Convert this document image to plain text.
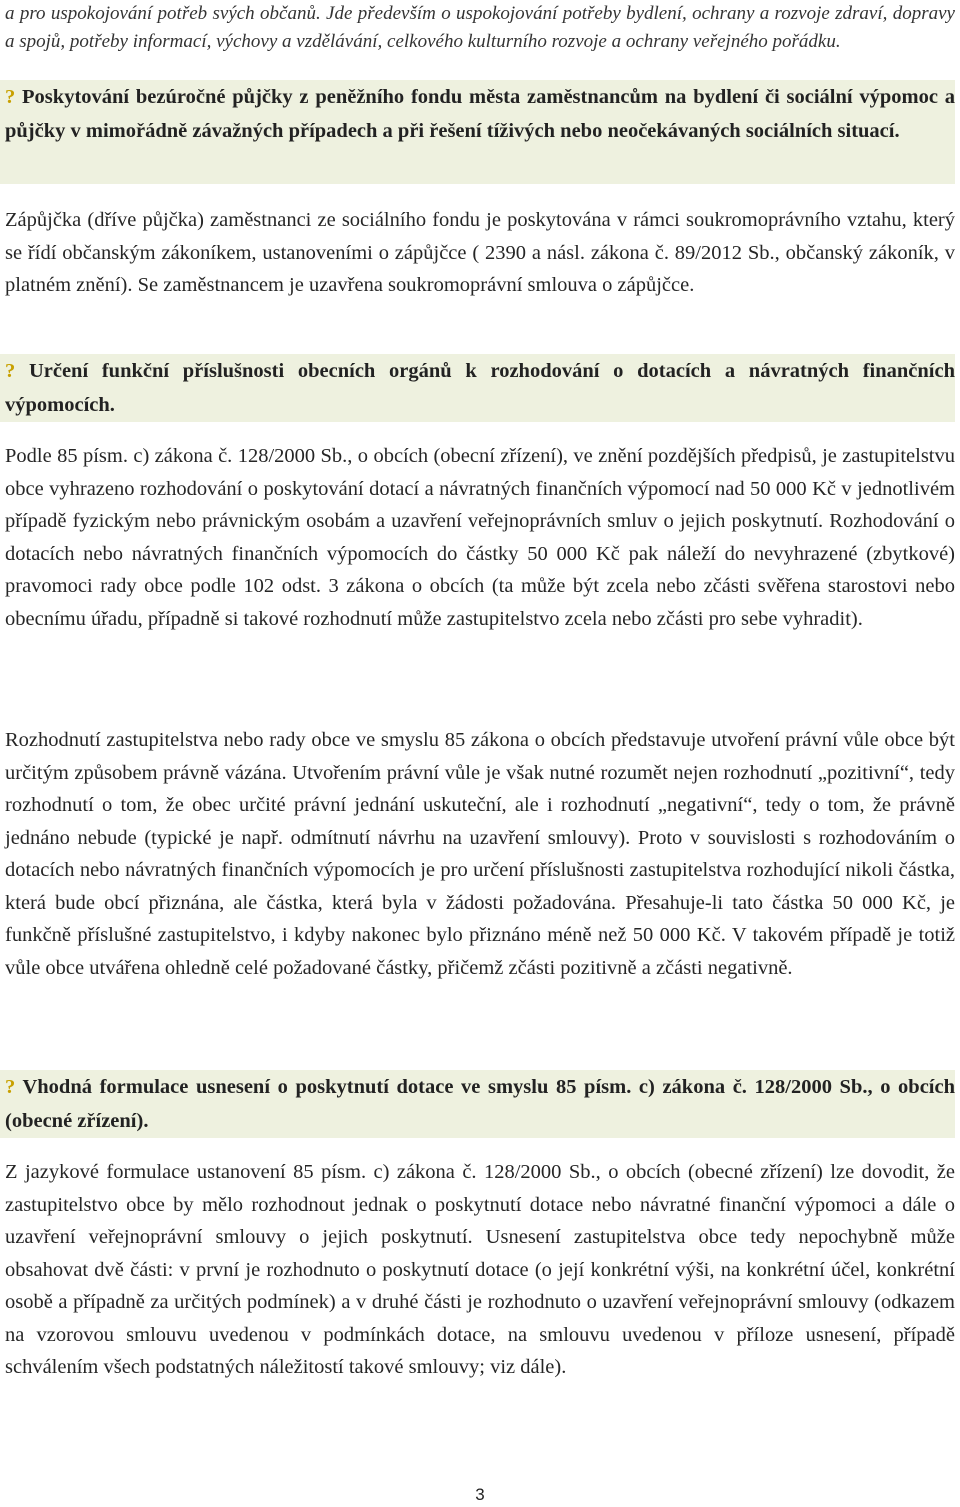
a pro uspokojování potřeb svých občanů. Jde především o uspokojování potřeby bydlení, ochrany a rozvoje zdraví, dopravy a spojů, potřeby informací, výchovy a vzdělávání, celkového kulturního rozvoje a ochrany veřejného pořádku.

? Poskytování bezúročné půjčky z peněžního fondu města zaměstnancům na bydlení či sociální výpomoc a půjčky v mimořádně závažných případech a při řešení tíživých nebo neočekávaných sociálních situací.

Zápůjčka (dříve půjčka) zaměstnanci ze sociálního fondu je poskytována v rámci soukromoprávního vztahu, který se řídí občanským zákoníkem, ustanoveními o zápůjčce ( 2390 a násl. zákona č. 89/2012 Sb., občanský zákoník, v platném znění). Se zaměstnancem je uzavřena soukromoprávní smlouva o zápůjčce.

? Určení funkční příslušnosti obecních orgánů k rozhodování o dotacích a návratných finančních výpomocích.

Podle 85 písm. c) zákona č. 128/2000 Sb., o obcích (obecní zřízení), ve znění pozdějších předpisů, je zastupitelstvu obce vyhrazeno rozhodování o poskytování dotací a návratných finančních výpomocí nad 50 000 Kč v jednotlivém případě fyzickým nebo právnickým osobám a uzavření veřejnoprávních smluv o jejich poskytnutí. Rozhodování o dotacích nebo návratných finančních výpomocích do částky 50 000 Kč pak náleží do nevyhrazené (zbytkové) pravomoci rady obce podle 102 odst. 3 zákona o obcích (ta může být zcela nebo zčásti svěřena starostovi nebo obecnímu úřadu, případně si takové rozhodnutí může zastupitelstvo zcela nebo zčásti pro sebe vyhradit).

Rozhodnutí zastupitelstva nebo rady obce ve smyslu 85 zákona o obcích představuje utvoření právní vůle obce být určitým způsobem právně vázána. Utvořením právní vůle je však nutné rozumět nejen rozhodnutí „pozitivní“, tedy rozhodnutí o tom, že obec určité právní jednání uskuteční, ale i rozhodnutí „negativní“, tedy o tom, že právně jednáno nebude (typické je např. odmítnutí návrhu na uzavření smlouvy). Proto v souvislosti s rozhodováním o dotacích nebo návratných finančních výpomocích je pro určení příslušnosti zastupitelstva rozhodující nikoli částka, která bude obcí přiznána, ale částka, která byla v žádosti požadována. Přesahuje-li tato částka 50 000 Kč, je funkčně příslušné zastupitelstvo, i kdyby nakonec bylo přiznáno méně než 50 000 Kč. V takovém případě je totiž vůle obce utvářena ohledně celé požadované částky, přičemž zčásti pozitivně a zčásti negativně.

? Vhodná formulace usnesení o poskytnutí dotace ve smyslu 85 písm. c) zákona č. 128/2000 Sb., o obcích (obecné zřízení).

Z jazykové formulace ustanovení 85 písm. c) zákona č. 128/2000 Sb., o obcích (obecné zřízení) lze dovodit, že zastupitelstvo obce by mělo rozhodnout jednak o poskytnutí dotace nebo návratné finanční výpomoci a dále o uzavření veřejnoprávní smlouvy o jejich poskytnutí. Usnesení zastupitelstva obce tedy nepochybně může obsahovat dvě části: v první je rozhodnuto o poskytnutí dotace (o její konkrétní výši, na konkrétní účel, konkrétní osobě a případně za určitých podmínek) a v druhé části je rozhodnuto o uzavření veřejnoprávní smlouvy (odkazem na vzorovou smlouvu uvedenou v podmínkách dotace, na smlouvu uvedenou v příloze usnesení, případě schválením všech podstatných náležitostí takové smlouvy; viz dále).

3
